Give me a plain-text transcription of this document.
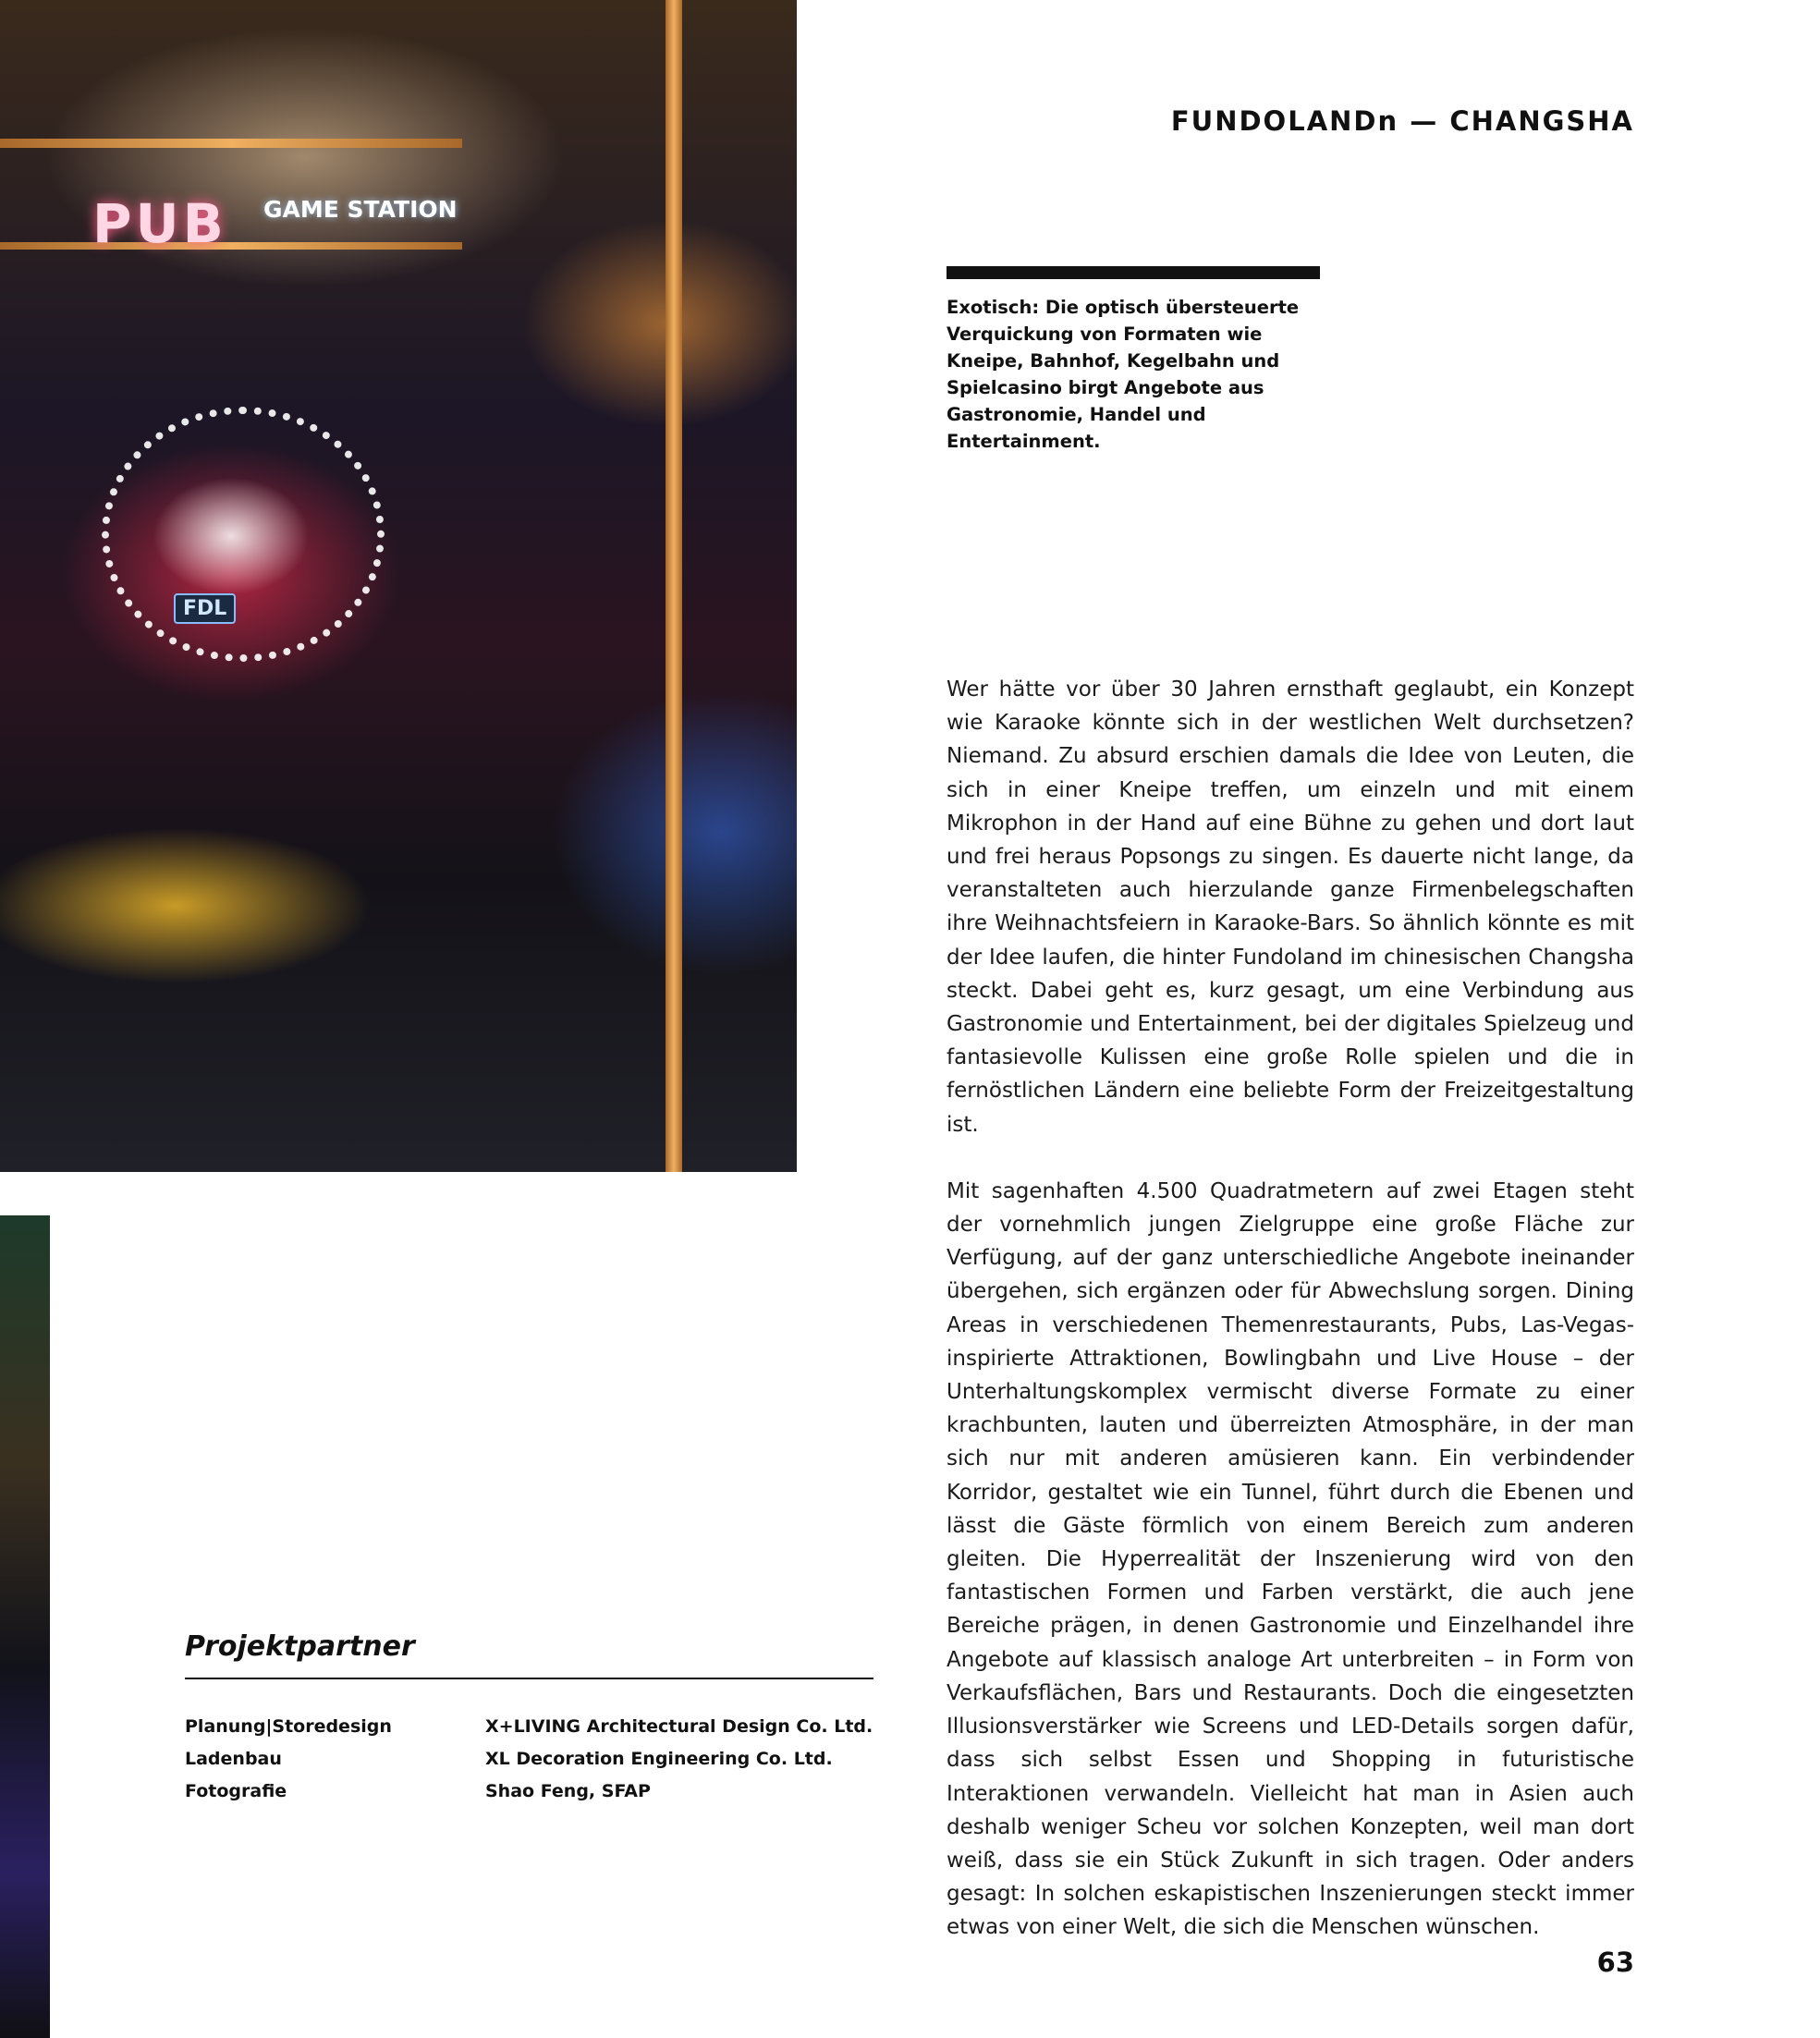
PUB GAME STATION
FDL
FUNDOLANDn — CHANGSHA

Exotisch: Die optisch übersteuerte Verquickung von Formaten wie Kneipe, Bahnhof, Kegelbahn und Spielcasino birgt Angebote aus Gastronomie, Handel und Entertainment.

Wer hätte vor über 30 Jahren ernsthaft geglaubt, ein Konzept wie Karaoke könnte sich in der westlichen Welt durchsetzen? Niemand. Zu absurd erschien damals die Idee von Leuten, die sich in einer Kneipe treffen, um einzeln und mit einem Mikrophon in der Hand auf eine Bühne zu gehen und dort laut und frei heraus Popsongs zu singen. Es dauerte nicht lange, da veranstalteten auch hierzulande ganze Firmenbelegschaften ihre Weihnachtsfeiern in Karaoke-Bars. So ähnlich könnte es mit der Idee laufen, die hinter Fundoland im chinesischen Changsha steckt. Dabei geht es, kurz gesagt, um eine Verbindung aus Gastronomie und Entertainment, bei der digitales Spielzeug und fantasievolle Kulissen eine große Rolle spielen und die in fernöstlichen Ländern eine beliebte Form der Freizeitgestaltung ist.

Mit sagenhaften 4.500 Quadratmetern auf zwei Etagen steht der vornehmlich jungen Zielgruppe eine große Fläche zur Verfügung, auf der ganz unterschiedliche Angebote ineinander übergehen, sich ergänzen oder für Abwechslung sorgen. Dining Areas in verschiedenen Themenrestaurants, Pubs, Las-Vegas-inspirierte Attraktionen, Bowlingbahn und Live House – der Unterhaltungskomplex vermischt diverse Formate zu einer krachbunten, lauten und überreizten Atmosphäre, in der man sich nur mit anderen amüsieren kann. Ein verbindender Korridor, gestaltet wie ein Tunnel, führt durch die Ebenen und lässt die Gäste förmlich von einem Bereich zum anderen gleiten. Die Hyperrealität der Inszenierung wird von den fantastischen Formen und Farben verstärkt, die auch jene Bereiche prägen, in denen Gastronomie und Einzelhandel ihre Angebote auf klassisch analoge Art unterbreiten – in Form von Verkaufsflächen, Bars und Restaurants. Doch die eingesetzten Illusionsverstärker wie Screens und LED-Details sorgen dafür, dass sich selbst Essen und Shopping in futuristische Interaktionen verwandeln. Vielleicht hat man in Asien auch deshalb weniger Scheu vor solchen Konzepten, weil man dort weiß, dass sie ein Stück Zukunft in sich tragen. Oder anders gesagt: In solchen eskapistischen Inszenierungen steckt immer etwas von einer Welt, die sich die Menschen wünschen.

Projektpartner
Planung|Storedesign	X+LIVING Architectural Design Co. Ltd.
Ladenbau	XL Decoration Engineering Co. Ltd.
Fotografie	Shao Feng, SFAP
63
